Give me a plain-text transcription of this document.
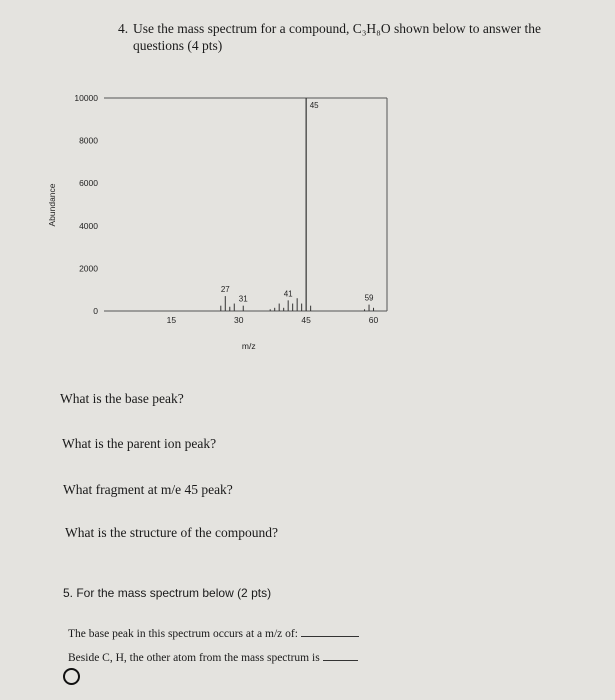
4. Use the mass spectrum for a compound, C₃H₈O shown below to answer the
questions (4 pts)
0
2000
4000
6000
8000
10000
15	30	45	60
m/z
Abundance
27
31
41
45
59
What is the base peak?
What is the parent ion peak?
What fragment at m/e 45 peak?
What is the structure of the compound?
5. For the mass spectrum below (2 pts)
The base peak in this spectrum occurs at a m/z of:
Beside C, H, the other atom from the mass spectrum is
